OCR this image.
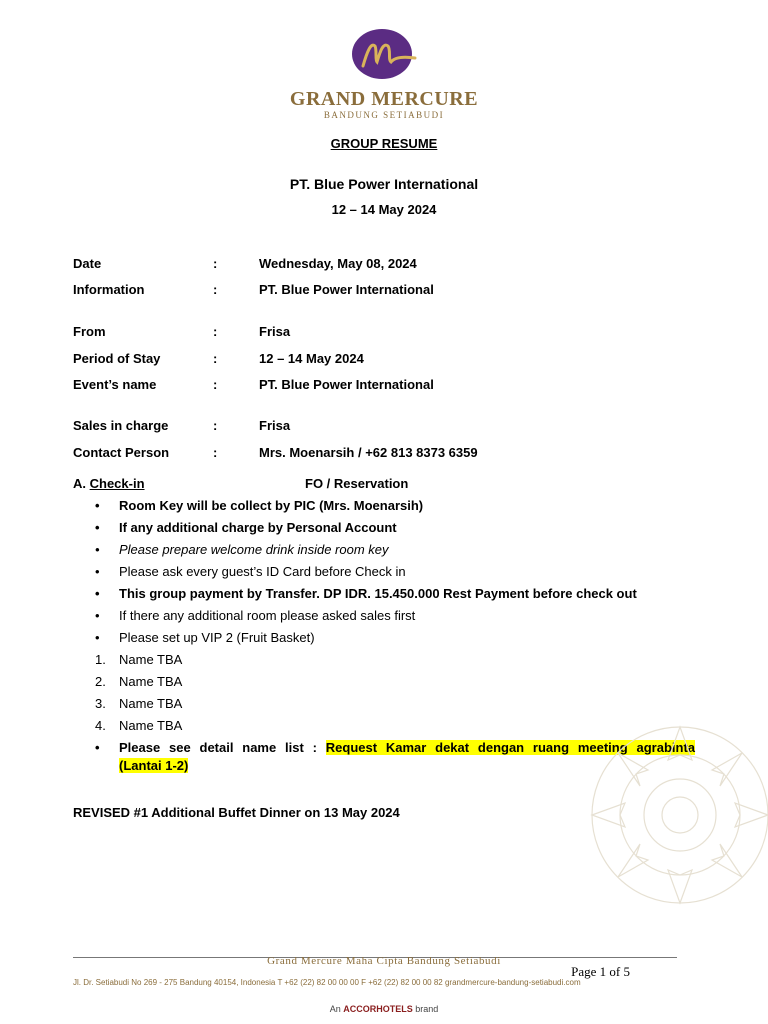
GRAND MERCURE
BANDUNG SETIABUDI
GROUP RESUME
PT. Blue Power International
12 – 14 May 2024
Date	:	Wednesday, May 08, 2024
Information	:	PT. Blue Power International
From	:	Frisa
Period of Stay	:	12 – 14 May 2024
Event’s name	:	PT. Blue Power International
Sales in charge	:	Frisa
Contact Person	:	Mrs. Moenarsih / +62 813 8373 6359
A. Check-in	FO / Reservation
•	Room Key will be collect by PIC (Mrs. Moenarsih)
•	If any additional charge by Personal Account
•	Please prepare welcome drink inside room key
•	Please ask every guest’s ID Card before Check in
•	This group payment by Transfer. DP IDR. 15.450.000 Rest Payment before check out
•	If there any additional room please asked sales first
•	Please set up VIP 2 (Fruit Basket)
1.	Name TBA
2.	Name TBA
3.	Name TBA
4.	Name TBA
•	Please see detail name list : Request Kamar dekat dengan ruang meeting agrabinta
(Lantai 1-2)
REVISED #1 Additional Buffet Dinner on 13 May 2024
Grand Mercure Maha Cipta Bandung Setiabudi
Page 1 of 5
Jl. Dr. Setiabudi No 269 - 275 Bandung 40154, Indonesia T +62 (22) 82 00 00 00 F +62 (22) 82 00 00 82 grandmercure-bandung-setiabudi.com
An ACCORHOTELS brand
